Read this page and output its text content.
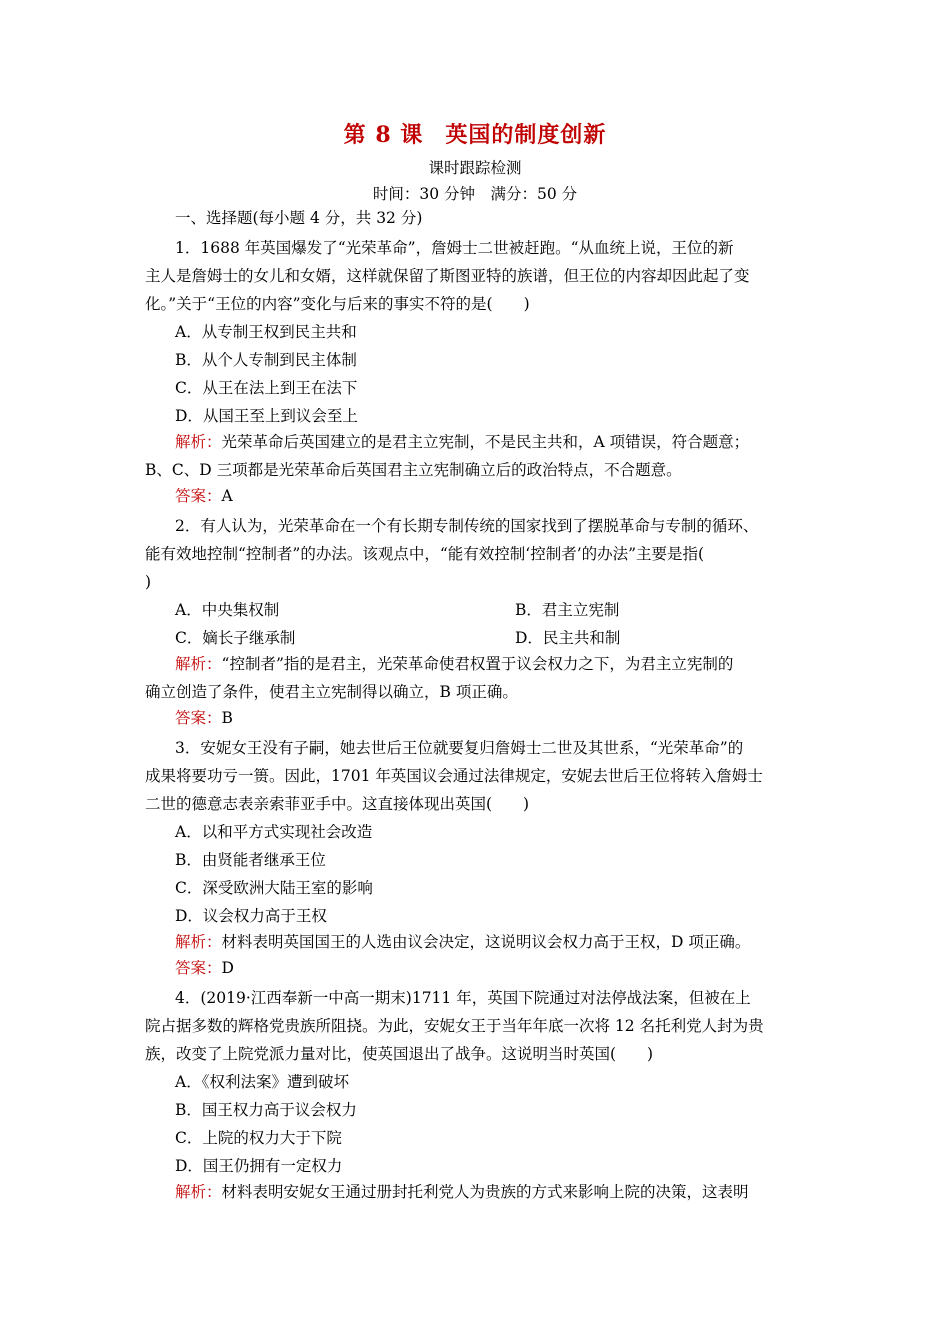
第 8 课 英国的制度创新
课时跟踪检测
时间：30 分钟　满分：50 分
一、选择题(每小题 4 分，共 32 分)
1．1688 年英国爆发了“光荣革命”，詹姆士二世被赶跑。“从血统上说，王位的新
主人是詹姆士的女儿和女婿，这样就保留了斯图亚特的族谱，但王位的内容却因此起了变
化。”关于“王位的内容”变化与后来的事实不符的是(　　)
A．从专制王权到民主共和
B．从个人专制到民主体制
C．从王在法上到王在法下
D．从国王至上到议会至上
解析：光荣革命后英国建立的是君主立宪制，不是民主共和，A 项错误，符合题意；
B、C、D 三项都是光荣革命后英国君主立宪制确立后的政治特点，不合题意。
答案：A
2．有人认为，光荣革命在一个有长期专制传统的国家找到了摆脱革命与专制的循环、
能有效地控制“控制者”的办法。该观点中，“能有效控制‘控制者’的办法”主要是指(
)
A．中央集权制	B．君主立宪制
C．嫡长子继承制	D．民主共和制
解析：“控制者”指的是君主，光荣革命使君权置于议会权力之下，为君主立宪制的
确立创造了条件，使君主立宪制得以确立，B 项正确。
答案：B
3．安妮女王没有子嗣，她去世后王位就要复归詹姆士二世及其世系，“光荣革命”的
成果将要功亏一篑。因此，1701 年英国议会通过法律规定，安妮去世后王位将转入詹姆士
二世的德意志表亲索菲亚手中。这直接体现出英国(　　)
A．以和平方式实现社会改造
B．由贤能者继承王位
C．深受欧洲大陆王室的影响
D．议会权力高于王权
解析：材料表明英国国王的人选由议会决定，这说明议会权力高于王权，D 项正确。
答案：D
4．(2019·江西奉新一中高一期末)1711 年，英国下院通过对法停战法案，但被在上
院占据多数的辉格党贵族所阻挠。为此，安妮女王于当年年底一次将 12 名托利党人封为贵
族，改变了上院党派力量对比，使英国退出了战争。这说明当时英国(　　)
A．《权利法案》遭到破坏
B．国王权力高于议会权力
C．上院的权力大于下院
D．国王仍拥有一定权力
解析：材料表明安妮女王通过册封托利党人为贵族的方式来影响上院的决策，这表明
